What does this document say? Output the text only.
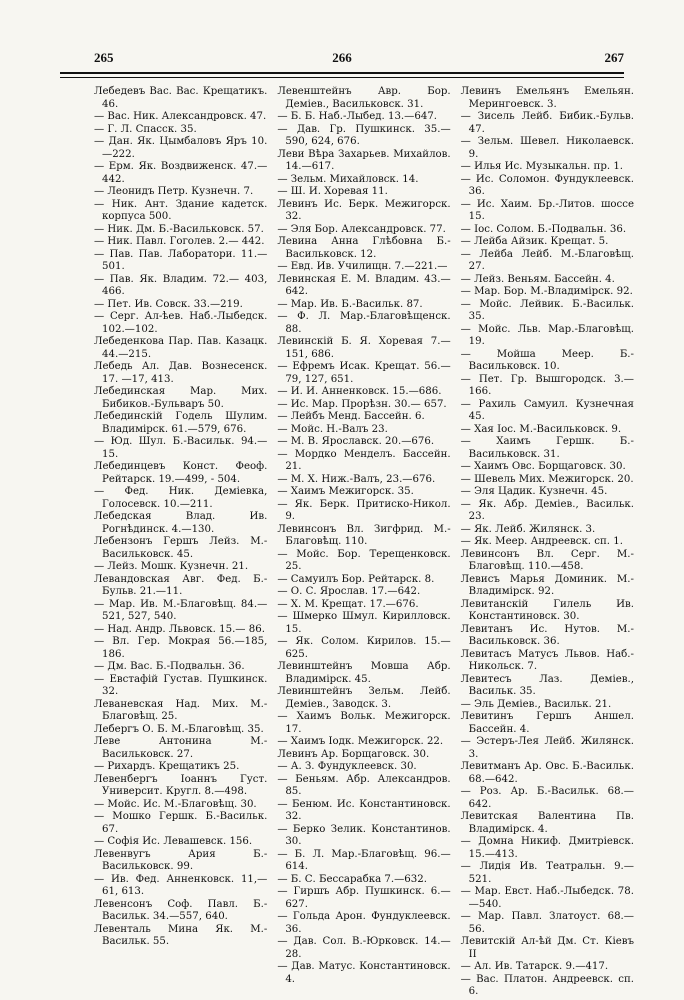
265	266	267

Лебедевъ Вас. Вас. Крещатикъ. 46.

— Вас. Ник. Александровск. 47.

— Г. Л. Спасск. 35.

— Дан. Як. Цымбаловъ Яръ 10.—222.

— Ерм. Як. Воздвиженск. 47.— 442.

— Леонидъ Петр. Кузнечн. 7.

— Ник. Ант. Здание кадетск. корпуса 500.

— Ник. Дм. Б.-Васильковск. 57.

— Ник. Павл. Гоголев. 2.— 442.

— Пав. Пав. Лаборатори. 11.— 501.

— Пав. Як. Владим. 72.— 403, 466.

— Пет. Ив. Совск. 33.—219.

— Серг. Ал-ѣев. Наб.-Лыбедск. 102.—102.

Лебеденкова Пар. Пав. Казацк. 44.—215.

Лебедь Ал. Дав. Вознесенск. 17. —17, 413.

Лебединская Мар. Мих. Бибиков.-Бульваръ 50.

Лебединскiй Годель Шулим. Владимiрск. 61.—579, 676.

— Юд. Шул. Б.-Васильк. 94.— 15.

Лебединцевъ Конст. Феоф. Рейтарск. 19.—499, - 504.

— Фед. Ник. Демiевка, Голосевск. 10.—211.

Лебедская Влад. Ив. Рогнѣдинск. 4.—130.

Лебензонъ Гершъ Лейз. М.-Васильковск. 45.

— Лейз. Мошк. Кузнечн. 21.

Левандовская Авг. Фед. Б.-Бульв. 21.—11.

— Мар. Ив. М.-Благовѣщ. 84.— 521, 527, 540.

— Над. Андр. Львовск. 15.— 86.

— Вл. Гер. Мокрая 56.—185, 186.

— Дм. Вас. Б.-Подвальн. 36.

— Евстафiй Густав. Пушкинск. 32.

Леваневская Над. Мих. М.-Благовѣщ. 25.

Лебергъ О. Б. М.-Благовѣщ. 35.

Леве Антонина М.-Васильковск. 27.

— Рихардъ. Крещатикъ 25.

Левенбергъ Iоаннъ Густ. Университ. Кругл. 8.—498.

— Мойс. Ис. М.-Благовѣщ. 30.

— Мошко Гершк. Б.-Васильк. 67.

— Софiя Ис. Левашевск. 156.

Левенвугъ Ария Б.-Васильковск. 99.

— Ив. Фед. Анненковск. 11,— 61, 613.

Левенсонъ Соф. Павл. Б.-Васильк. 34.—557, 640.

Левенталь Мина Як. М.-Васильк. 55.

Левенштейнъ Авр. Бор. Демiев., Васильковск. 31.

— Б. Б. Наб.-Лыбед. 13.—647.

— Дав. Гр. Пушкинск. 35.— 590, 624, 676.

Леви Вѣра Захарьев. Михайлов. 14.—617.

— Зельм. Михайловск. 14.

— Ш. И. Хоревая 11.

Левинъ Ис. Берк. Межигорск. 32.

— Эля Бор. Александровск. 77.

Левина Анна Глѣбовна Б.-Васильковск. 12.

— Евд. Ив. Училищн. 7.—221.—

Левинская Е. М. Владим. 43.— 642.

— Мар. Ив. Б.-Васильк. 87.

— Ф. Л. Мар.-Благовѣщенск. 88.

Левинскiй Б. Я. Хоревая 7.— 151, 686.

— Ефремъ Исак. Крещат. 56.— 79, 127, 651.

— И. И. Анненковск. 15.—686.

— Ис. Мар. Прорѣзн. 30.— 657.

— Лейбъ Менд. Бассейн. 6.

— Мойс. Н.-Валъ 23.

— М. В. Ярославск. 20.—676.

— Мордко Менделъ. Бассейн. 21.

— М. Х. Ниж.-Валъ, 23.—676.

— Хаимъ Межигорск. 35.

— Як. Берк. Притиско-Никол. 9.

Левинсонъ Вл. Зигфрид. М.-Благовѣщ. 110.

— Мойс. Бор. Терещенковск. 25.

— Самуилъ Бор. Рейтарск. 8.

— О. С. Ярослав. 17.—642.

— Х. М. Крещат. 17.—676.

— Шмерко Шмул. Кирилловск. 15.

— Як. Солом. Кирилов. 15.— 625.

Левинштейнъ Мовша Абр. Владимiрск. 45.

Левинштейнъ Зельм. Лейб. Демiев., Заводск. 3.

— Хаимъ Вольк. Межигорск. 17.

— Хаимъ Iодк. Межигорск. 22.

Левинъ Ар. Борщаговск. 30.

— А. З. Фундуклеевск. 30.

— Беньям. Абр. Александров. 85.

— Бенюм. Ис. Константиновск. 32.

— Берко Зелик. Константинов. 30.

— Б. Л. Мар.-Благовѣщ. 96.— 614.

— Б. С. Бессарабка 7.—632.

— Гиршъ Абр. Пушкинск. 6.— 627.

— Гольда Арон. Фундуклеевск. 36.

— Дав. Сол. В.-Юрковск. 14.— 28.

— Дав. Матус. Константиновск. 4.

Левинъ Емельянъ Емельян. Мерингоевск. 3.

— Зисель Лейб. Бибик.-Бульв. 47.

— Зельм. Шевел. Николаевск. 9.

— Илья Ис. Музыкальн. пр. 1.

— Ис. Соломон. Фундуклеевск. 36.

— Ис. Хаим. Бр.-Литов. шоссе 15.

— Iос. Солом. Б.-Подвальн. 36.

— Лейба Айзик. Крещат. 5.

— Лейба Лейб. М.-Благовѣщ. 27.

— Лейз. Веньям. Бассейн. 4.

— Мар. Бор. М.-Владимiрск. 92.

— Мойс. Лейвик. Б.-Васильк. 35.

— Мойс. Льв. Мар.-Благовѣщ. 19.

— Мойша Меер. Б.-Васильковск. 10.

— Пет. Гр. Вышгородск. 3.— 166.

— Рахиль Самуил. Кузнечная 45.

— Хая Iос. М.-Васильковск. 9.

— Хаимъ Гершк. Б.-Васильковск. 31.

— Хаимъ Овс. Борщаговск. 30.

— Шевель Мих. Межигорск. 20.

— Эля Цадик. Кузнечн. 45.

— Як. Абр. Демiев., Васильк. 23.

— Як. Лейб. Жилянск. 3.

— Як. Меер. Андреевск. сп. 1.

Левинсонъ Вл. Серг. М.-Благовѣщ. 110.—458.

Левисъ Марья Доминик. М.-Владимiрск. 92.

Левитанскiй Гилель Ив. Константиновск. 30.

Левитанъ Ис. Нутов. М.-Васильковск. 36.

Левитасъ Матусъ Львов. Наб.-Никольск. 7.

Левитесъ Лаз. Демiев., Васильк. 35.

— Эль Демiев., Васильк. 21.

Левитинъ Гершъ Аншел. Бассейн. 4.

— Эстеръ-Лея Лейб. Жилянск. 3.

Левитманъ Ар. Овс. Б.-Васильк. 68.—642.

— Роз. Ар. Б.-Васильк. 68.— 642.

Левитская Валентина Пв. Владимiрск. 4.

— Домна Никиф. Дмитрiевск. 15.—413.

— Лидiя Ив. Театральн. 9.— 521.

— Мар. Евст. Наб.-Лыбедск. 78.—540.

— Мар. Павл. Златоуст. 68.— 56.

Левитскiй Ал-ѣй Дм. Ст. Кiевъ II

— Ал. Ив. Татарск. 9.—417.

— Вас. Платон. Андреевск. сп. 6.
